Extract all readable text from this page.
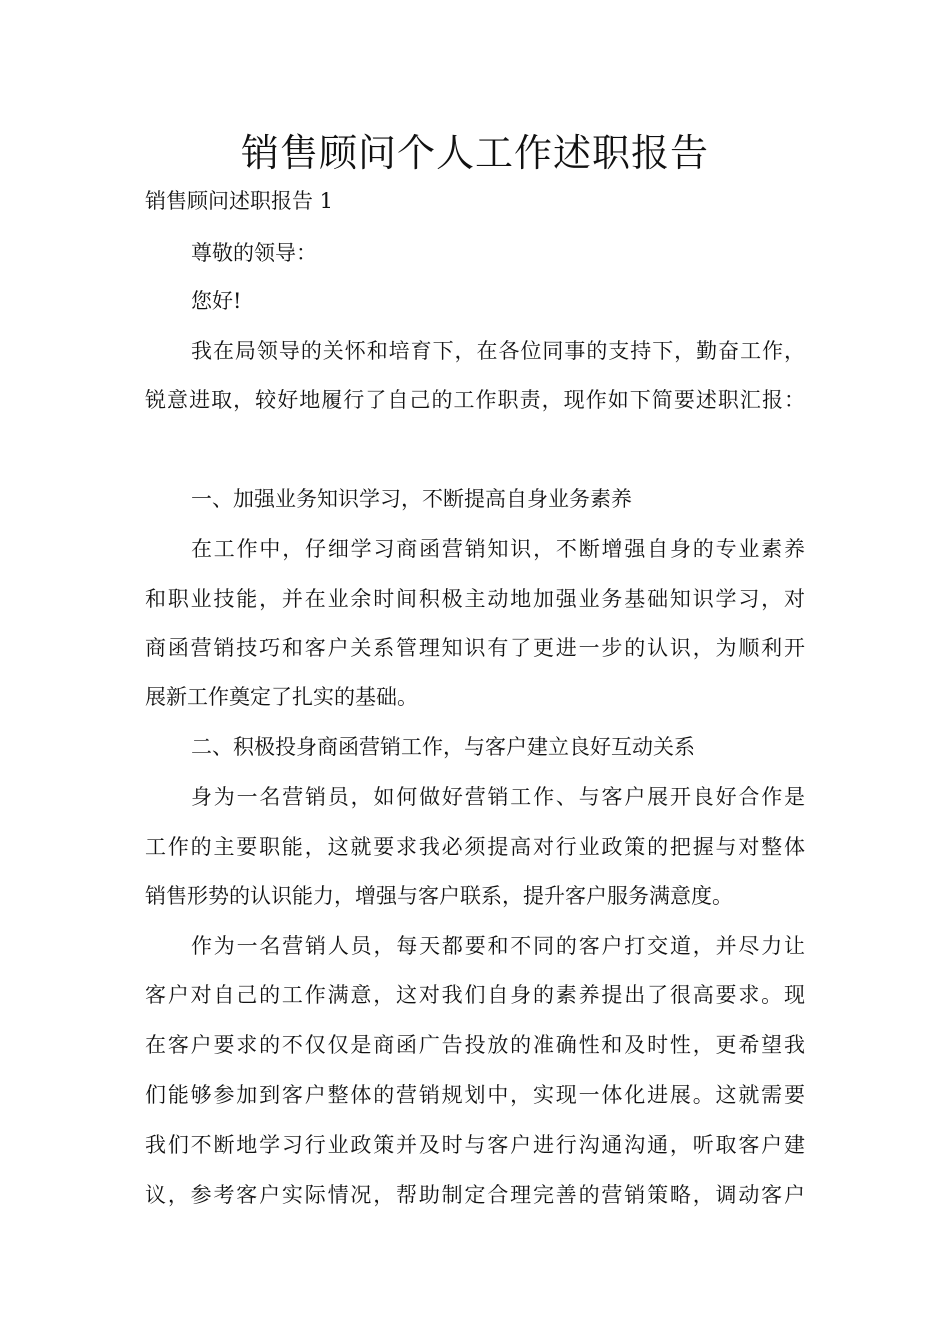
销售顾问个人工作述职报告

销售顾问述职报告 1

尊敬的领导：

您好!

我在局领导的关怀和培育下，在各位同事的支持下，勤奋工作，

锐意进取，较好地履行了自己的工作职责，现作如下简要述职汇报：

一、加强业务知识学习，不断提高自身业务素养

在工作中，仔细学习商函营销知识，不断增强自身的专业素养

和职业技能，并在业余时间积极主动地加强业务基础知识学习，对

商函营销技巧和客户关系管理知识有了更进一步的认识，为顺利开

展新工作奠定了扎实的基础。

二、积极投身商函营销工作，与客户建立良好互动关系

身为一名营销员，如何做好营销工作、与客户展开良好合作是

工作的主要职能，这就要求我必须提高对行业政策的把握与对整体

销售形势的认识能力，增强与客户联系，提升客户服务满意度。

作为一名营销人员，每天都要和不同的客户打交道，并尽力让

客户对自己的工作满意，这对我们自身的素养提出了很高要求。现

在客户要求的不仅仅是商函广告投放的准确性和及时性，更希望我

们能够参加到客户整体的营销规划中，实现一体化进展。这就需要

我们不断地学习行业政策并及时与客户进行沟通沟通，听取客户建

议，参考客户实际情况，帮助制定合理完善的营销策略，调动客户
